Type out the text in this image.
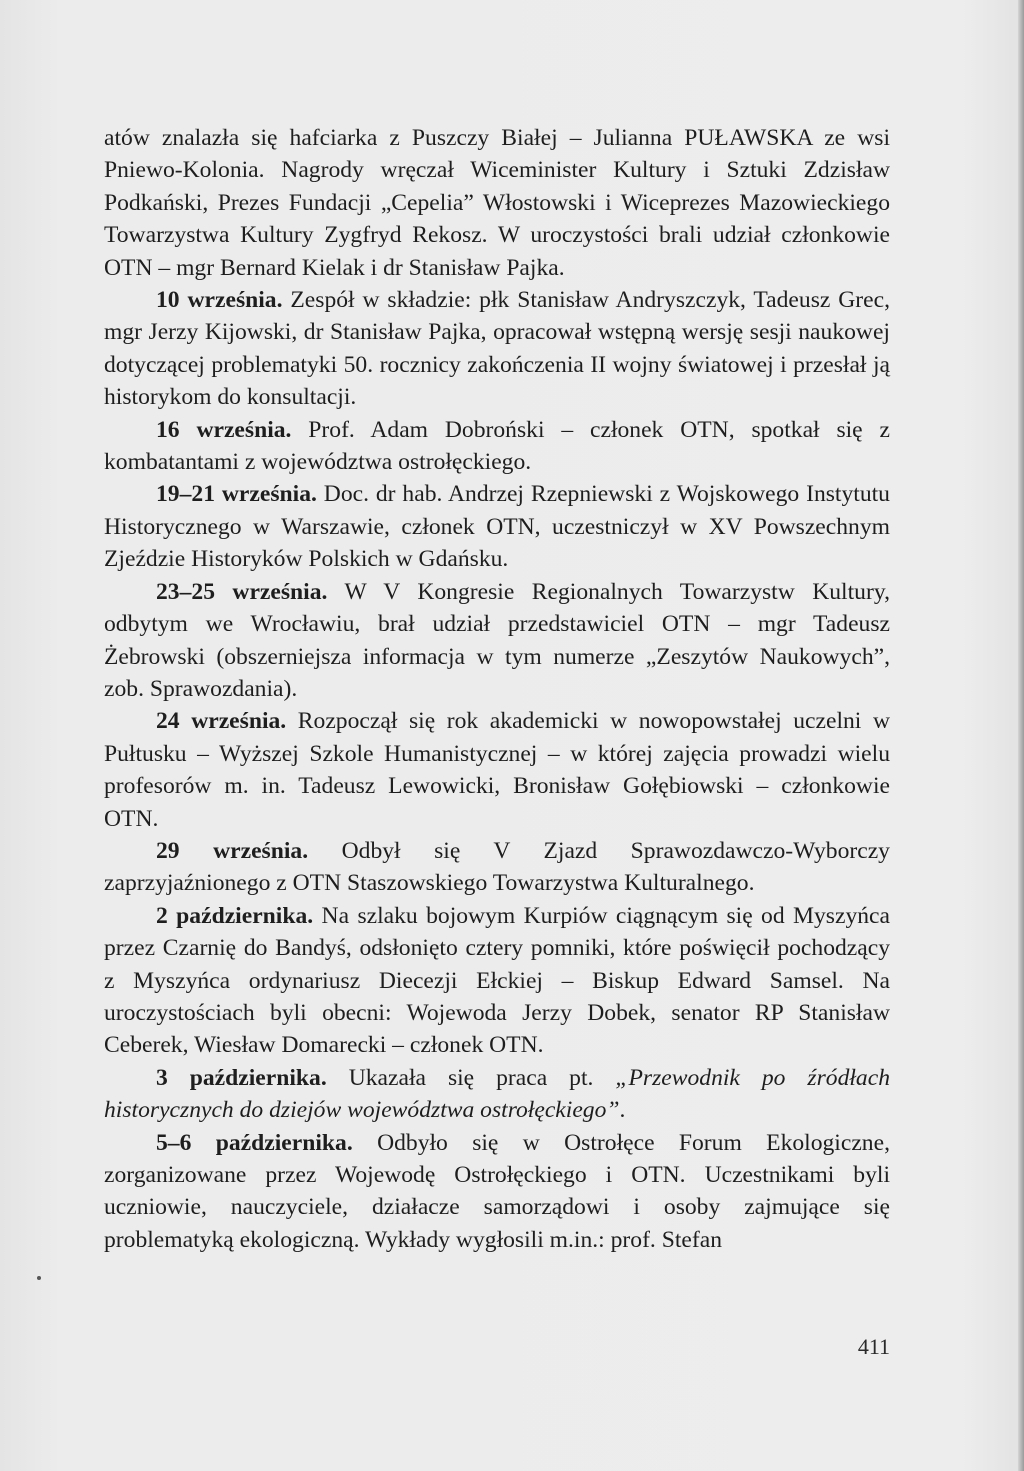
atów znalazła się hafciarka z Puszczy Białej – Julianna PUŁAWSKA ze wsi Pniewo-Kolonia. Nagrody wręczał Wiceminister Kultury i Sztuki Zdzisław Podkański, Prezes Fundacji „Cepelia” Włostowski i Wiceprezes Mazowieckiego Towarzystwa Kultury Zygfryd Rekosz. W uroczystości brali udział członkowie OTN – mgr Bernard Kielak i dr Stanisław Pajka.

10 września. Zespół w składzie: płk Stanisław Andryszczyk, Tadeusz Grec, mgr Jerzy Kijowski, dr Stanisław Pajka, opracował wstępną wersję sesji naukowej dotyczącej problematyki 50. rocznicy zakończenia II wojny światowej i przesłał ją historykom do konsultacji.

16 września. Prof. Adam Dobroński – członek OTN, spotkał się z kombatantami z województwa ostrołęckiego.

19–21 września. Doc. dr hab. Andrzej Rzepniewski z Wojskowego Instytutu Historycznego w Warszawie, członek OTN, uczestniczył w XV Powszechnym Zjeździe Historyków Polskich w Gdańsku.

23–25 września. W V Kongresie Regionalnych Towarzystw Kultury, odbytym we Wrocławiu, brał udział przedstawiciel OTN – mgr Tadeusz Żebrowski (obszerniejsza informacja w tym numerze „Zeszytów Naukowych”, zob. Sprawozdania).

24 września. Rozpoczął się rok akademicki w nowopowstałej uczelni w Pułtusku – Wyższej Szkole Humanistycznej – w której zajęcia prowadzi wielu profesorów m. in. Tadeusz Lewowicki, Bronisław Gołębiowski – członkowie OTN.

29 września. Odbył się V Zjazd Sprawozdawczo-Wyborczy zaprzyjaźnionego z OTN Staszowskiego Towarzystwa Kulturalnego.

2 października. Na szlaku bojowym Kurpiów ciągnącym się od Myszyńca przez Czarnię do Bandyś, odsłonięto cztery pomniki, które poświęcił pochodzący z Myszyńca ordynariusz Diecezji Ełckiej – Biskup Edward Samsel. Na uroczystościach byli obecni: Wojewoda Jerzy Dobek, senator RP Stanisław Ceberek, Wiesław Domarecki – członek OTN.

3 października. Ukazała się praca pt. „Przewodnik po źródłach historycznych do dziejów województwa ostrołęckiego”.

5–6 października. Odbyło się w Ostrołęce Forum Ekologiczne, zorganizowane przez Wojewodę Ostrołęckiego i OTN. Uczestnikami byli uczniowie, nauczyciele, działacze samorządowi i osoby zajmujące się problematyką ekologiczną. Wykłady wygłosili m.in.: prof. Stefan

411
